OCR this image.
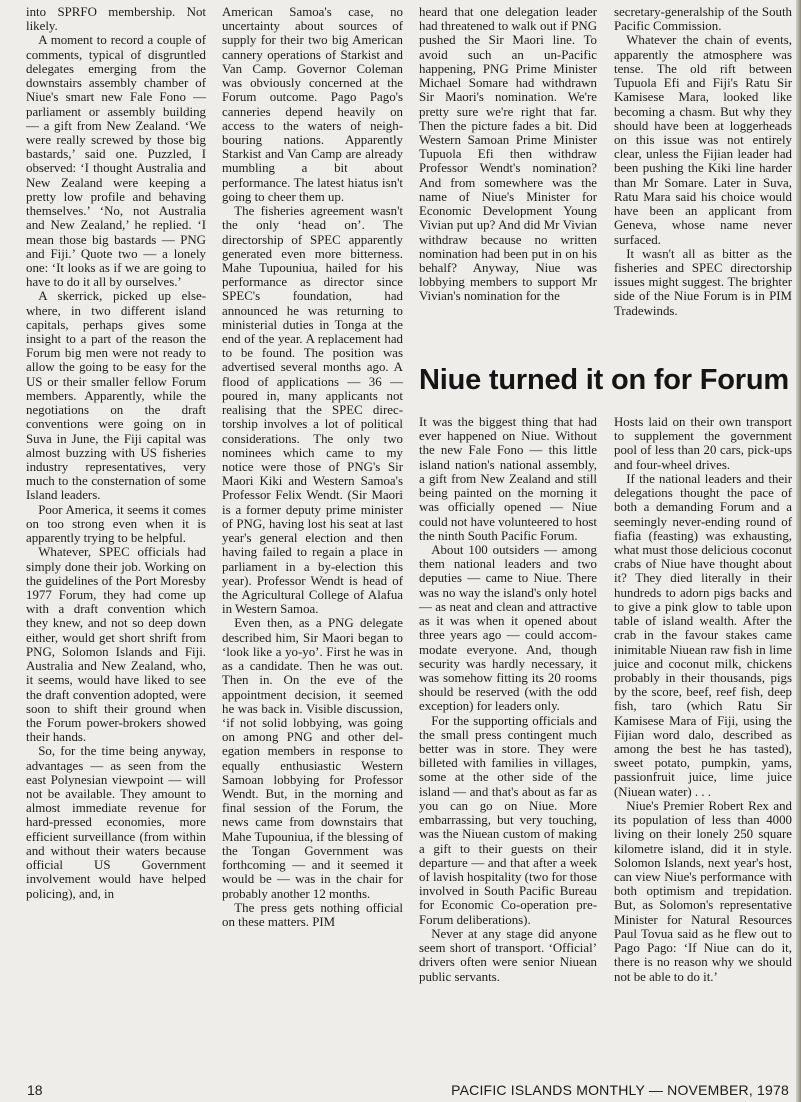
into SPRFO membership. Not likely.

A moment to record a couple of comments, typical of disgruntled delegates emerging from the downstairs assembly chamber of Niue's smart new Fale Fono — parliament or assembly building — a gift from New Zealand. ‘We were really screwed by those big bastards,’ said one. Puzzled, I observed: ‘I thought Australia and New Zealand were keeping a pretty low profile and behaving themselves.’ ‘No, not Australia and New Zealand,’ he replied. ‘I mean those big bastards — PNG and Fiji.’ Quote two — a lonely one: ‘It looks as if we are going to have to do it all by ourselves.’

A skerrick, picked up elsewhere, in two different island capitals, perhaps gives some insight to a part of the reason the Forum big men were not ready to allow the going to be easy for the US or their smaller fellow Forum members. Apparently, while the negotiations on the draft conventions were going on in Suva in June, the Fiji capital was almost buzzing with US fisheries industry representatives, very much to the consternation of some Island leaders.

Poor America, it seems it comes on too strong even when it is apparently trying to be helpful.

Whatever, SPEC officials had simply done their job. Working on the guidelines of the Port Moresby 1977 Forum, they had come up with a draft convention which they knew, and not so deep down either, would get short shrift from PNG, Solomon Islands and Fiji. Australia and New Zealand, who, it seems, would have liked to see the draft convention adopted, were soon to shift their ground when the Forum power-brokers showed their hands.

So, for the time being anyway, advantages — as seen from the east Polynesian viewpoint — will not be available. They amount to almost immediate revenue for hard-pressed economies, more efficient surveillance (from within and without their waters because official US Government involvement would have helped policing), and, in

American Samoa's case, no uncertainty about sources of supply for their two big American cannery operations of Starkist and Van Camp. Governor Coleman was obviously concerned at the Forum outcome. Pago Pago's canneries depend heavily on access to the waters of neighbouring nations. Apparently Starkist and Van Camp are already mumbling a bit about performance. The latest hiatus isn't going to cheer them up.

The fisheries agreement wasn't the only ‘head on’. The directorship of SPEC apparently generated even more bitterness. Mahe Tupouniua, hailed for his performance as director since SPEC's foundation, had announced he was returning to ministerial duties in Tonga at the end of the year. A replacement had to be found. The position was advertised several months ago. A flood of applications — 36 — poured in, many applicants not realising that the SPEC directorship involves a lot of political considerations. The only two nominees which came to my notice were those of PNG's Sir Maori Kiki and Western Samoa's Professor Felix Wendt. (Sir Maori is a former deputy prime minister of PNG, having lost his seat at last year's general election and then having failed to regain a place in parliament in a by-election this year). Professor Wendt is head of the Agricultural College of Alafua in Western Samoa.

Even then, as a PNG delegate described him, Sir Maori began to ‘look like a yo-yo’. First he was in as a candidate. Then he was out. Then in. On the eve of the appointment decision, it seemed he was back in. Visible discussion, ‘if not solid lobbying, was going on among PNG and other delegation members in response to equally enthusiastic Western Samoan lobbying for Professor Wendt. But, in the morning and final session of the Forum, the news came from downstairs that Mahe Tupouniua, if the blessing of the Tongan Government was forthcoming — and it seemed it would be — was in the chair for probably another 12 months.

The press gets nothing official on these matters. PIM

heard that one delegation leader had threatened to walk out if PNG pushed the Sir Maori line. To avoid such an un-Pacific happening, PNG Prime Minister Michael Somare had withdrawn Sir Maori's nomination. We're pretty sure we're right that far. Then the picture fades a bit. Did Western Samoan Prime Minister Tupuola Efi then withdraw Professor Wendt's nomination? And from somewhere was the name of Niue's Minister for Economic Development Young Vivian put up? And did Mr Vivian withdraw because no written nomination had been put in on his behalf? Anyway, Niue was lobbying members to support Mr Vivian's nomination for the

secretary-generalship of the South Pacific Commission.

Whatever the chain of events, apparently the atmosphere was tense. The old rift between Tupuola Efi and Fiji's Ratu Sir Kamisese Mara, looked like becoming a chasm. But why they should have been at loggerheads on this issue was not entirely clear, unless the Fijian leader had been pushing the Kiki line harder than Mr Somare. Later in Suva, Ratu Mara said his choice would have been an applicant from Geneva, whose name never surfaced.

It wasn't all as bitter as the fisheries and SPEC directorship issues might suggest. The brighter side of the Niue Forum is in PIM Tradewinds.

Niue turned it on for Forum

It was the biggest thing that had ever happened on Niue. Without the new Fale Fono — this little island nation's national assembly, a gift from New Zealand and still being painted on the morning it was officially opened — Niue could not have volunteered to host the ninth South Pacific Forum.

About 100 outsiders — among them national leaders and two deputies — came to Niue. There was no way the island's only hotel — as neat and clean and attractive as it was when it opened about three years ago — could accommodate everyone. And, though security was hardly necessary, it was somehow fitting its 20 rooms should be reserved (with the odd exception) for leaders only.

For the supporting officials and the small press contingent much better was in store. They were billeted with families in villages, some at the other side of the island — and that's about as far as you can go on Niue. More embarrassing, but very touching, was the Niuean custom of making a gift to their guests on their departure — and that after a week of lavish hospitality (two for those involved in South Pacific Bureau for Economic Co-operation pre-Forum deliberations).

Never at any stage did anyone seem short of transport. ‘Official’ drivers often were senior Niuean public servants.

Hosts laid on their own transport to supplement the government pool of less than 20 cars, pick-ups and four-wheel drives.

If the national leaders and their delegations thought the pace of both a demanding Forum and a seemingly never-ending round of fiafia (feasting) was exhausting, what must those delicious coconut crabs of Niue have thought about it? They died literally in their hundreds to adorn pigs backs and to give a pink glow to table upon table of island wealth. After the crab in the favour stakes came inimitable Niuean raw fish in lime juice and coconut milk, chickens probably in their thousands, pigs by the score, beef, reef fish, deep fish, taro (which Ratu Sir Kamisese Mara of Fiji, using the Fijian word dalo, described as among the best he has tasted), sweet potato, pumpkin, yams, passionfruit juice, lime juice (Niuean water) . . .

Niue's Premier Robert Rex and its population of less than 4000 living on their lonely 250 square kilometre island, did it in style. Solomon Islands, next year's host, can view Niue's performance with both optimism and trepidation. But, as Solomon's representative Minister for Natural Resources Paul Tovua said as he flew out to Pago Pago: ‘If Niue can do it, there is no reason why we should not be able to do it.’

18	PACIFIC ISLANDS MONTHLY — NOVEMBER, 1978
